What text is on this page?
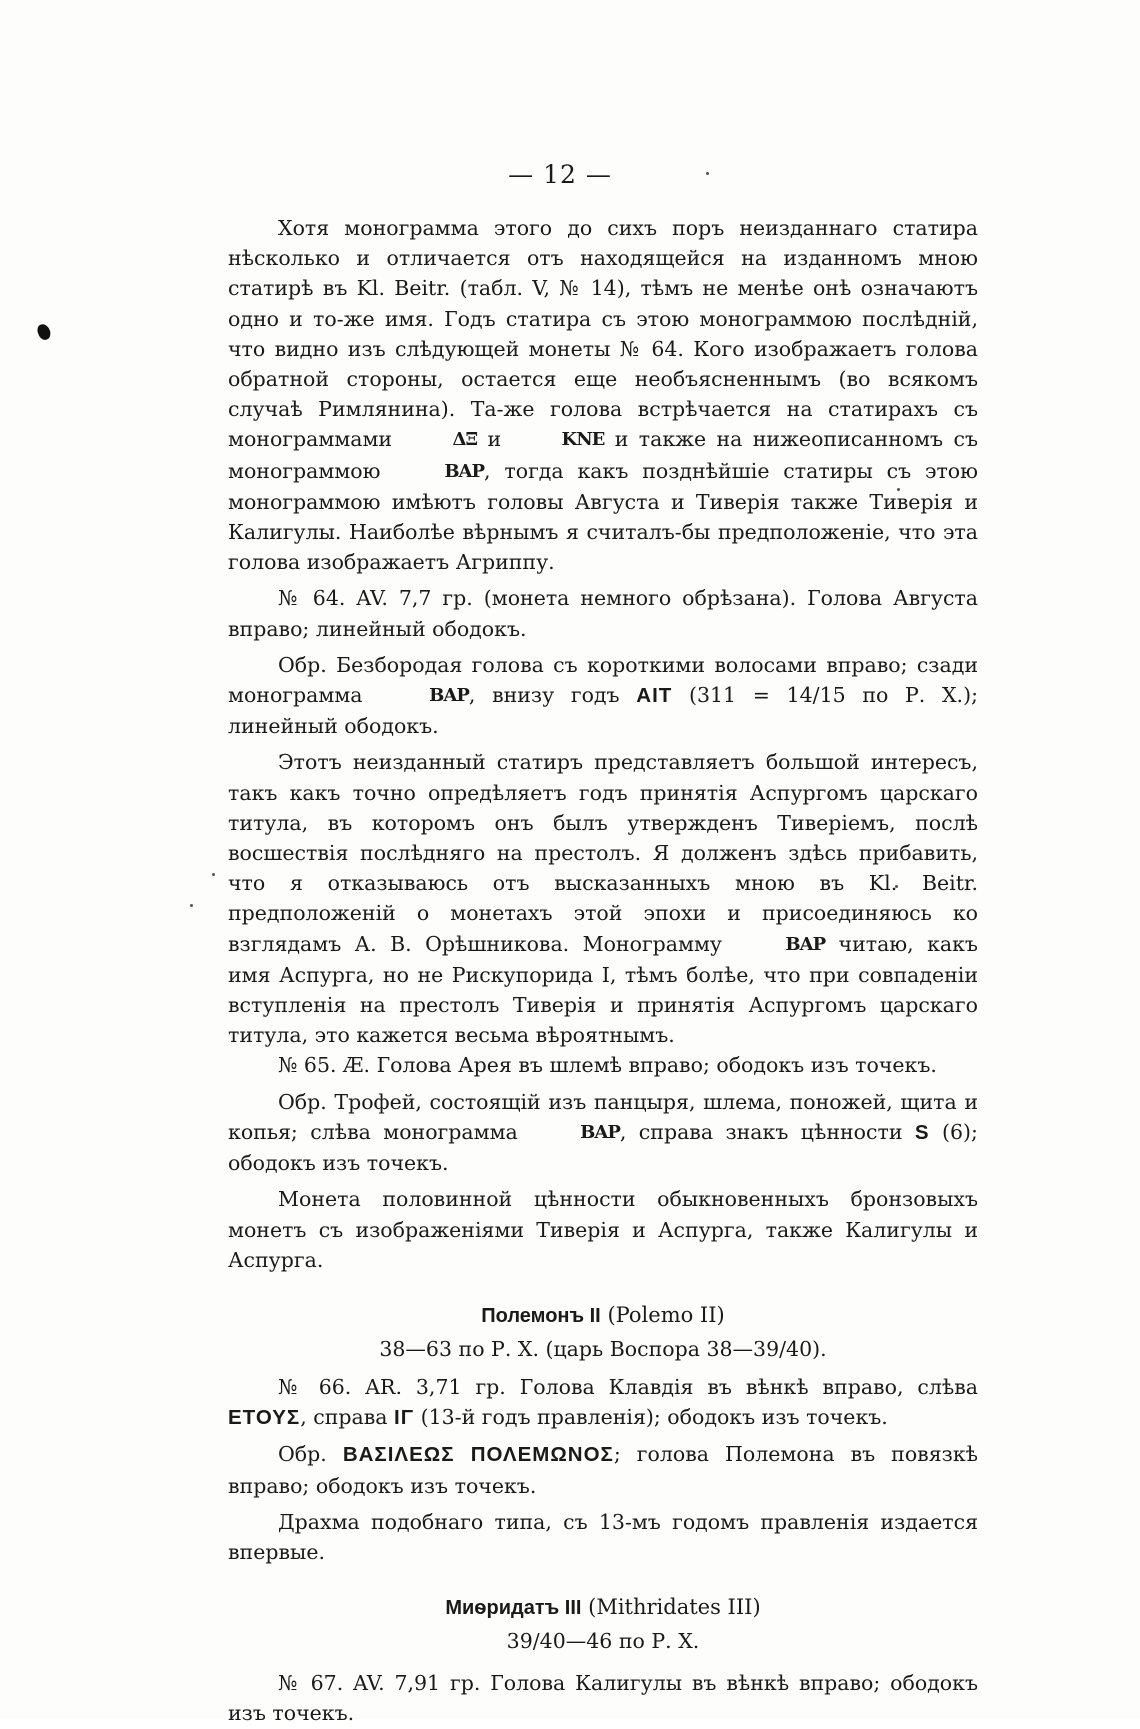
— 12 —

Хотя монограмма этого до сихъ поръ неизданнаго статира нѣсколько и отличается отъ находящейся на изданномъ мною статирѣ въ Kl. Beitr. (табл. V, № 14), тѣмъ не менѣе онѣ означаютъ одно и то-же имя. Годъ статира съ этою монограммою послѣдній, что видно изъ слѣдующей монеты № 64. Кого изображаетъ голова обратной стороны, остается еще необъясненнымъ (во всякомъ случаѣ Римлянина). Та-же голова встрѣчается на статирахъ съ монограммами	ΔΞ и	ΚΝΕ и также на нижеописанномъ съ монограммою	ΒΑΡ, тогда какъ позднѣйшіе статиры съ этою монограммою имѣютъ головы Августа и Тиверія также Тиверія и Калигулы. Наиболѣе вѣрнымъ я считалъ-бы предположеніе, что эта голова изображаетъ Агриппу.

№ 64. AV. 7,7 гр. (монета немного обрѣзана). Голова Августа вправо; линейный ободокъ.

Обр. Безбородая голова съ короткими волосами вправо; сзади монограмма	ΒΑΡ, внизу годъ AIT (311 = 14/15 по Р. Х.); линейный ободокъ.

Этотъ неизданный статиръ представляетъ большой интересъ, такъ какъ точно опредѣляетъ годъ принятія Аспургомъ царскаго титула, въ которомъ онъ былъ утвержденъ Тиверіемъ, послѣ восшествія послѣдняго на престолъ. Я долженъ здѣсь прибавить, что я отказываюсь отъ высказанныхъ мною въ Kl. Beitr. предположеній о монетахъ этой эпохи и присоединяюсь ко взглядамъ А. В. Орѣшникова. Монограмму	ΒΑΡ читаю, какъ имя Аспурга, но не Рискупорида I, тѣмъ болѣе, что при совпаденіи вступленія на престолъ Тиверія и принятія Аспургомъ царскаго титула, это кажется весьма вѣроятнымъ.

№ 65. Æ. Голова Арея въ шлемѣ вправо; ободокъ изъ точекъ.

Обр. Трофей, состоящій изъ панцыря, шлема, поножей, щита и копья; слѣва монограмма	ΒΑΡ, справа знакъ цѣнности S (6); ободокъ изъ точекъ.

Монета половинной цѣнности обыкновенныхъ бронзовыхъ монетъ съ изображеніями Тиверія и Аспурга, также Калигулы и Аспурга.

Полемонъ II (Polemo II)
38—63 по Р. Х. (царь Воспора 38—39/40).

№ 66. AR. 3,71 гр. Голова Клавдія въ вѣнкѣ вправо, слѣва ΕΤΟΥΣ, справа ΙΓ (13-й годъ правленія); ободокъ изъ точекъ.

Обр. ΒΑΣΙΛΕΩΣ ΠΟΛΕΜΩΝΟΣ; голова Полемона въ повязкѣ вправо; ободокъ изъ точекъ.

Драхма подобнаго типа, съ 13-мъ годомъ правленія издается впервые.

Миѳридатъ III (Mithridates III)
39/40—46 по Р. Х.

№ 67. AV. 7,91 гр. Голова Калигулы въ вѣнкѣ вправо; ободокъ изъ точекъ.
